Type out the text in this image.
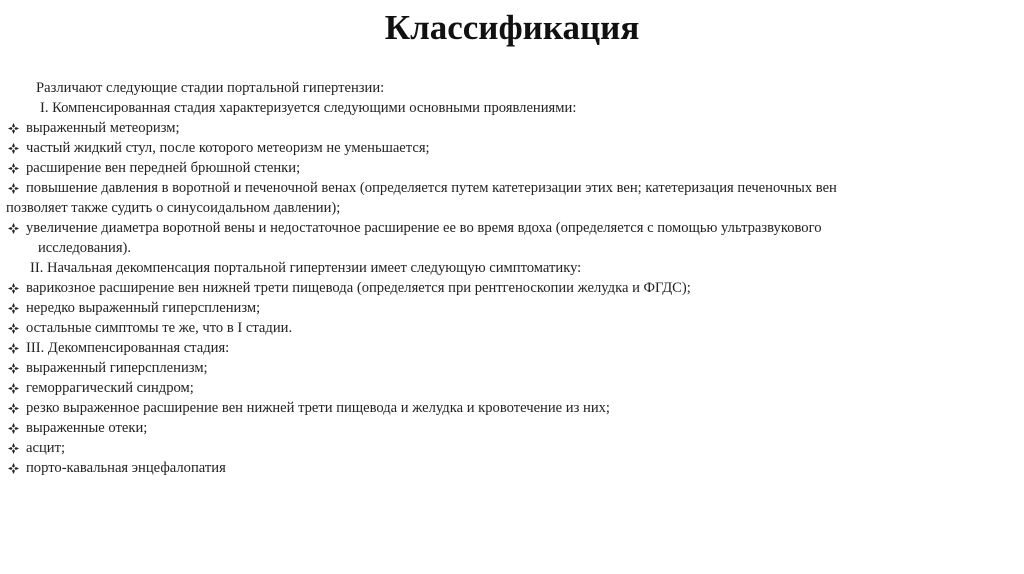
Классификация
Различают следующие стадии портальной гипертензии:
I. Компенсированная стадия характеризуется следующими основными проявлениями:
выраженный метеоризм;
частый жидкий стул, после которого метеоризм не уменьшается;
расширение вен передней брюшной стенки;
повышение давления в воротной и печеночной венах (определяется путем катетеризации этих вен; катетеризация печеночных вен
позволяет также судить о синусоидальном давлении);
увеличение диаметра воротной вены и недостаточное расширение ее во время вдоха (определяется с помощью ультразвукового
исследования).
II. Начальная декомпенсация портальной гипертензии имеет следующую симптоматику:
варикозное расширение вен нижней трети пищевода (определяется при рентгеноскопии желудка и ФГДС);
нередко выраженный гиперспленизм;
остальные симптомы те же, что в I стадии.
III. Декомпенсированная стадия:
выраженный гиперспленизм;
геморрагический синдром;
резко выраженное расширение вен нижней трети пищевода и желудка и кровотечение из них;
выраженные отеки;
асцит;
порто-кавальная энцефалопатия
